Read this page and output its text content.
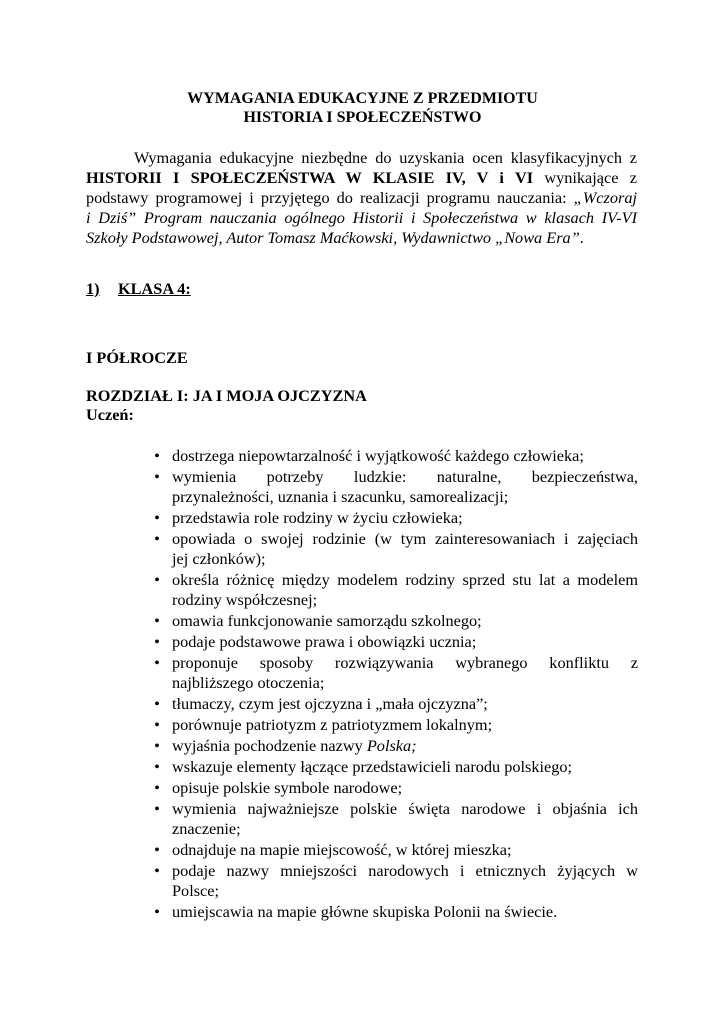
WYMAGANIA EDUKACYJNE Z PRZEDMIOTU
HISTORIA I SPOŁECZEŃSTWO
Wymagania edukacyjne niezbędne do uzyskania ocen klasyfikacyjnych z
HISTORII I SPOŁECZEŃSTWA W KLASIE IV, V i VI wynikające z
podstawy programowej i przyjętego do realizacji programu nauczania: „Wczoraj
i Dziś” Program nauczania ogólnego Historii i Społeczeństwa w klasach IV-VI
Szkoły Podstawowej, Autor Tomasz Maćkowski, Wydawnictwo „Nowa Era”.
1) KLASA 4:
I PÓŁROCZE
ROZDZIAŁ I: JA I MOJA OJCZYZNA
Uczeń:
• dostrzega niepowtarzalność i wyjątkowość każdego człowieka;
• wymienia potrzeby ludzkie: naturalne, bezpieczeństwa,
przynależności, uznania i szacunku, samorealizacji;
• przedstawia role rodziny w życiu człowieka;
• opowiada o swojej rodzinie (w tym zainteresowaniach i zajęciach
jej członków);
• określa różnicę między modelem rodziny sprzed stu lat a modelem
rodziny współczesnej;
• omawia funkcjonowanie samorządu szkolnego;
• podaje podstawowe prawa i obowiązki ucznia;
• proponuje sposoby rozwiązywania wybranego konfliktu z
najbliższego otoczenia;
• tłumaczy, czym jest ojczyzna i „mała ojczyzna”;
• porównuje patriotyzm z patriotyzmem lokalnym;
• wyjaśnia pochodzenie nazwy Polska;
• wskazuje elementy łączące przedstawicieli narodu polskiego;
• opisuje polskie symbole narodowe;
• wymienia najważniejsze polskie święta narodowe i objaśnia ich
znaczenie;
• odnajduje na mapie miejscowość, w której mieszka;
• podaje nazwy mniejszości narodowych i etnicznych żyjących w
Polsce;
• umiejscawia na mapie główne skupiska Polonii na świecie.
